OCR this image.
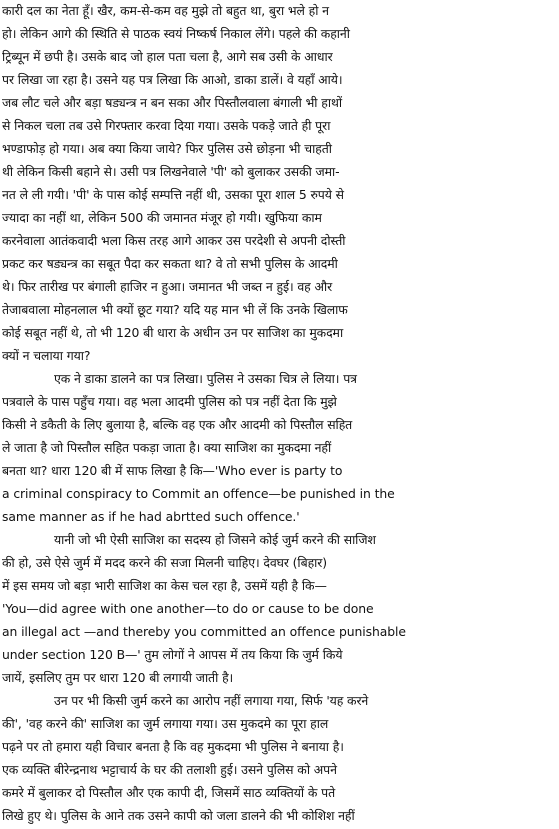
कारी दल का नेता हूँ। खैर, कम-से-कम वह मुझे तो बहुत था, बुरा भले हो न
हो। लेकिन आगे की स्थिति से पाठक स्वयं निष्कर्ष निकाल लेंगे। पहले की कहानी
ट्रिब्यून में छपी है। उसके बाद जो हाल पता चला है, आगे सब उसी के आधार
पर लिखा जा रहा है। उसने यह पत्र लिखा कि आओ, डाका डालें। वे यहाँ आये।
जब लौट चले और बड़ा षड्यन्त्र न बन सका और पिस्तौलवाला बंगाली भी हाथों
से निकल चला तब उसे गिरफ्तार करवा दिया गया। उसके पकड़े जाते ही पूरा
भण्डाफोड़ हो गया। अब क्या किया जाये? फिर पुलिस उसे छोड़ना भी चाहती
थी लेकिन किसी बहाने से। उसी पत्र लिखनेवाले 'पी' को बुलाकर उसकी जमा-
नत ले ली गयी। 'पी' के पास कोई सम्पत्ति नहीं थी, उसका पूरा शाल 5 रुपये से
ज्यादा का नहीं था, लेकिन 500 की जमानत मंजूर हो गयी। खुफिया काम
करनेवाला आतंकवादी भला किस तरह आगे आकर उस परदेशी से अपनी दोस्ती
प्रकट कर षड्यन्त्र का सबूत पैदा कर सकता था? वे तो सभी पुलिस के आदमी
थे। फिर तारीख पर बंगाली हाजिर न हुआ। जमानत भी जब्त न हुई। वह और
तेजाबवाला मोहनलाल भी क्यों छूट गया? यदि यह मान भी लें कि उनके खिलाफ
कोई सबूत नहीं थे, तो भी 120 बी धारा के अधीन उन पर साजिश का मुकदमा
क्यों न चलाया गया?
एक ने डाका डालने का पत्र लिखा। पुलिस ने उसका चित्र ले लिया। पत्र
पत्रवाले के पास पहुँच गया। वह भला आदमी पुलिस को पत्र नहीं देता कि मुझे
किसी ने डकैती के लिए बुलाया है, बल्कि वह एक और आदमी को पिस्तौल सहित
ले जाता है जो पिस्तौल सहित पकड़ा जाता है। क्या साजिश का मुकदमा नहीं
बनता था? धारा 120 बी में साफ लिखा है कि—'Who ever is party to
a criminal conspiracy to Commit an offence—be punished in the
same manner as if he had abrtted such offence.'
यानी जो भी ऐसी साजिश का सदस्य हो जिसने कोई जुर्म करने की साजिश
की हो, उसे ऐसे जुर्म में मदद करने की सजा मिलनी चाहिए। देवघर (बिहार)
में इस समय जो बड़ा भारी साजिश का केस चल रहा है, उसमें यही है कि—
'You—did agree with one another—to do or cause to be done
an illegal act —and thereby you committed an offence punishable
under section 120 B—' तुम लोगों ने आपस में तय किया कि जुर्म किये
जायें, इसलिए तुम पर धारा 120 बी लगायी जाती है।
उन पर भी किसी जुर्म करने का आरोप नहीं लगाया गया, सिर्फ 'यह करने
की', 'वह करने की' साजिश का जुर्म लगाया गया। उस मुकदमे का पूरा हाल
पढ़ने पर तो हमारा यही विचार बनता है कि वह मुकदमा भी पुलिस ने बनाया है।
एक व्यक्ति बीरेन्द्रनाथ भट्टाचार्य के घर की तलाशी हुई। उसने पुलिस को अपने
कमरे में बुलाकर दो पिस्तौल और एक कापी दी, जिसमें साठ व्यक्तियों के पते
लिखे हुए थे। पुलिस के आने तक उसने कापी को जला डालने की भी कोशिश नहीं
